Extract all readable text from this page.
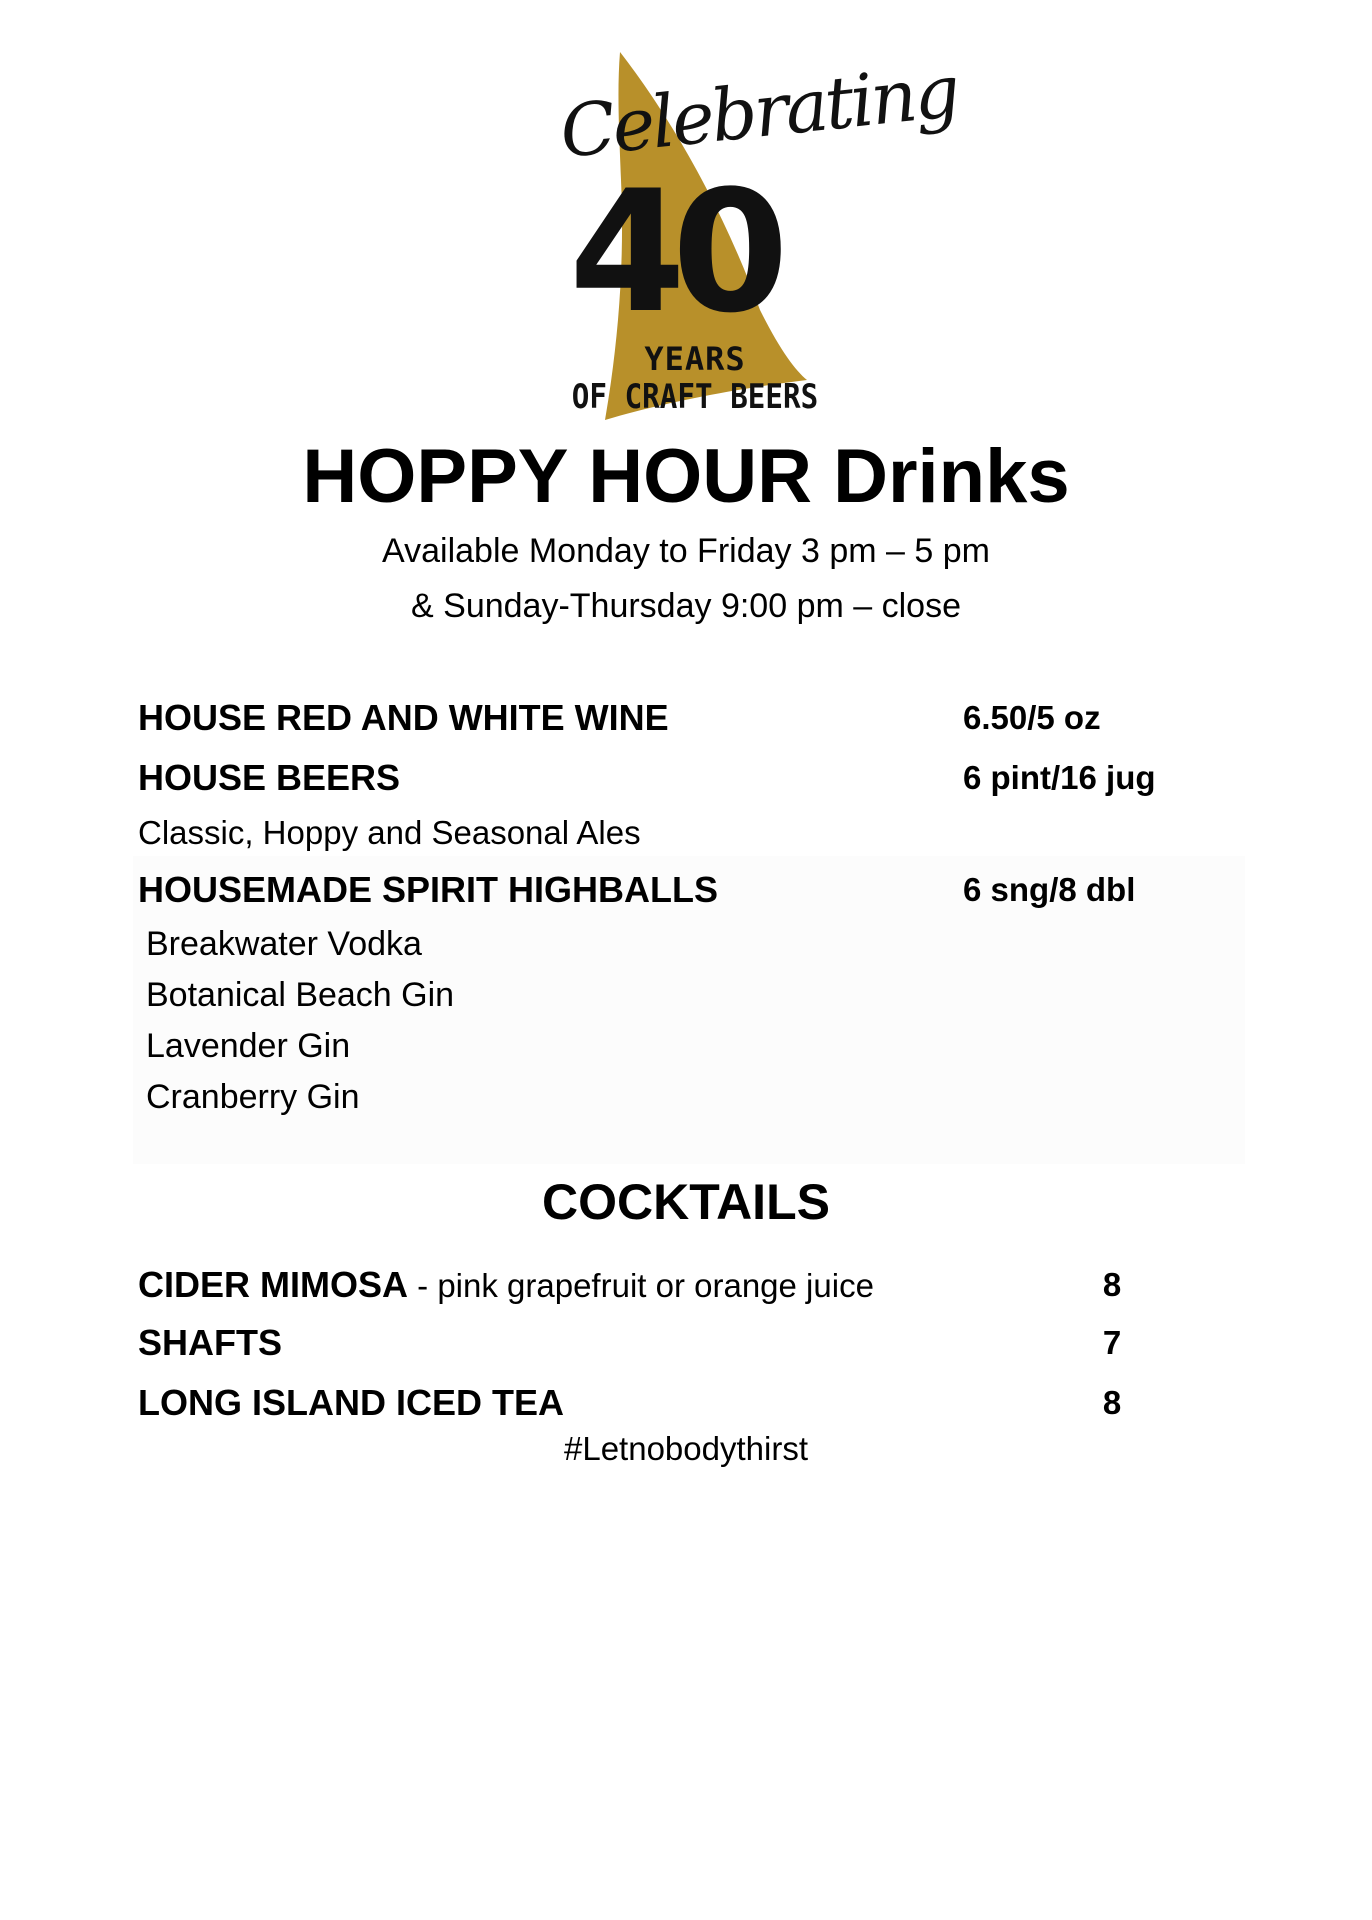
Celebrating
40
YEARS
OF CRAFT BEERS
HOPPY HOUR Drinks
Available Monday to Friday 3 pm – 5 pm
& Sunday-Thursday 9:00 pm – close
HOUSE RED AND WHITE WINE	6.50/5 oz
HOUSE BEERS	6 pint/16 jug
Classic, Hoppy and Seasonal Ales
HOUSEMADE SPIRIT HIGHBALLS	6 sng/8 dbl
Breakwater Vodka
Botanical Beach Gin
Lavender Gin
Cranberry Gin
COCKTAILS
CIDER MIMOSA - pink grapefruit or orange juice	8
SHAFTS	7
LONG ISLAND ICED TEA	8
#Letnobodythirst
